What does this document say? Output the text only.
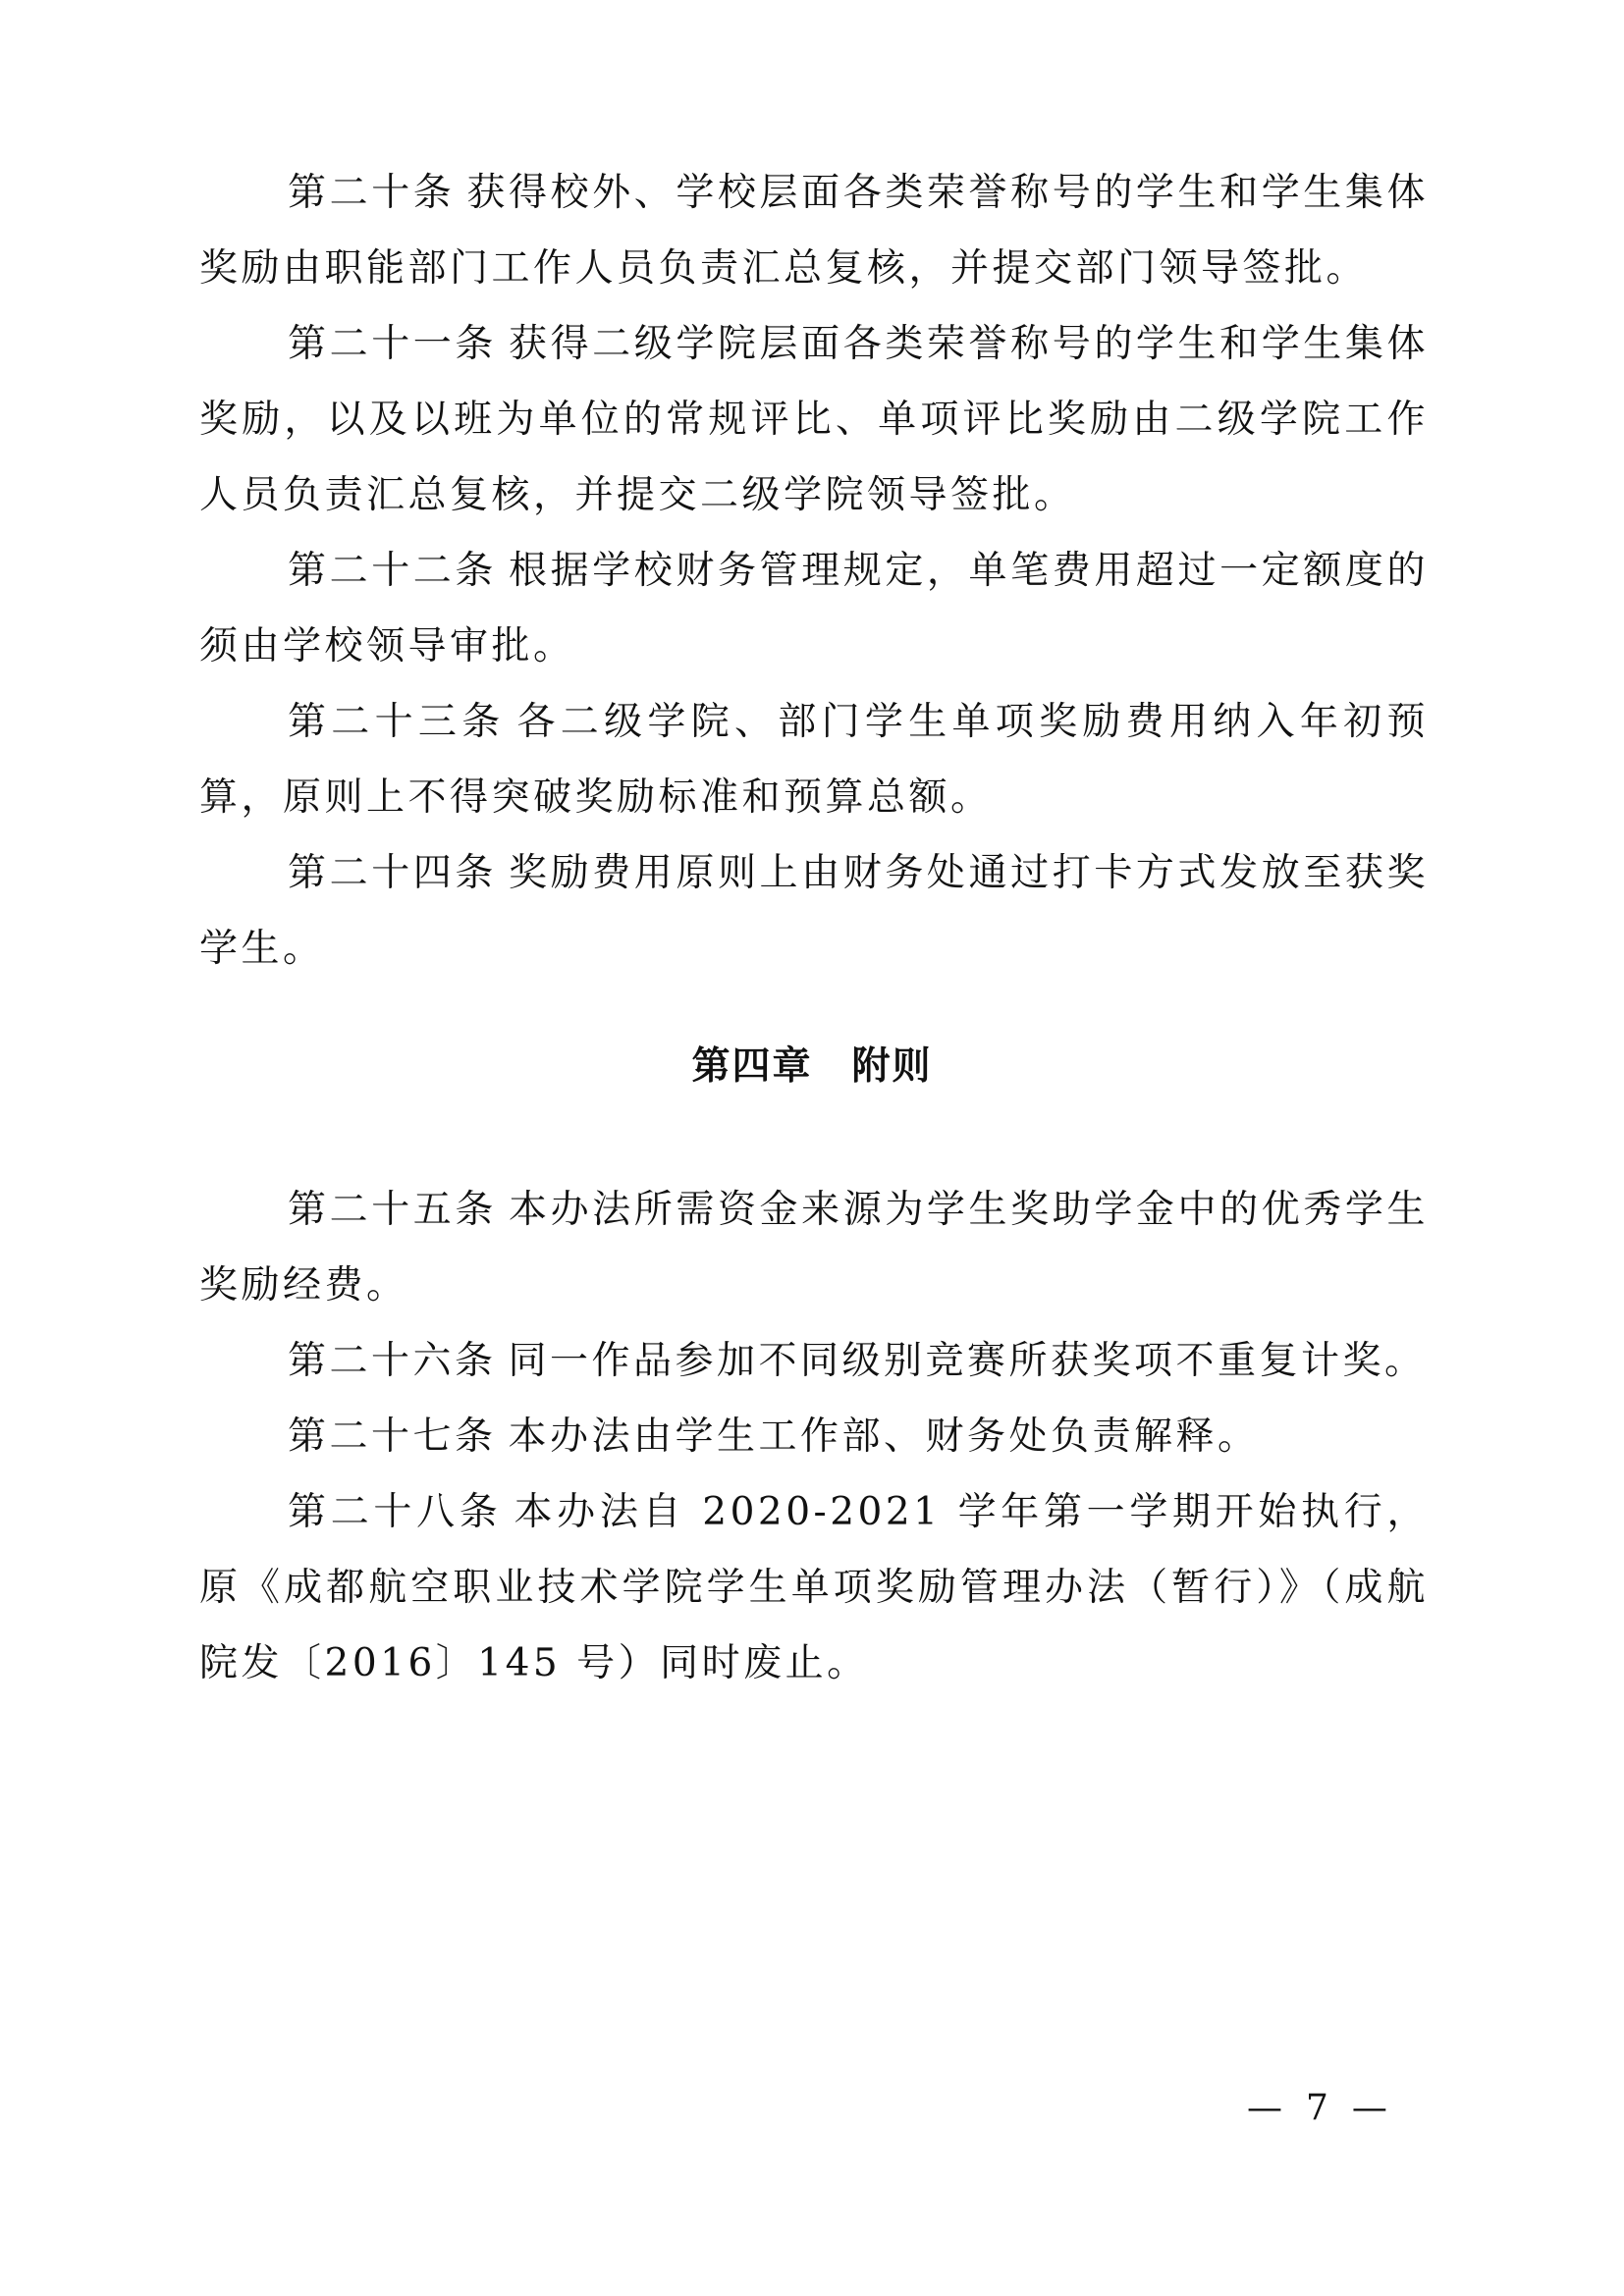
第二十条 获得校外、学校层面各类荣誉称号的学生和学生集体奖励由职能部门工作人员负责汇总复核，并提交部门领导签批。

第二十一条 获得二级学院层面各类荣誉称号的学生和学生集体奖励，以及以班为单位的常规评比、单项评比奖励由二级学院工作人员负责汇总复核，并提交二级学院领导签批。

第二十二条 根据学校财务管理规定，单笔费用超过一定额度的须由学校领导审批。

第二十三条 各二级学院、部门学生单项奖励费用纳入年初预算，原则上不得突破奖励标准和预算总额。

第二十四条 奖励费用原则上由财务处通过打卡方式发放至获奖学生。

第四章 附则

第二十五条 本办法所需资金来源为学生奖助学金中的优秀学生奖励经费。

第二十六条 同一作品参加不同级别竞赛所获奖项不重复计奖。

第二十七条 本办法由学生工作部、财务处负责解释。

第二十八条 本办法自 2020-2021 学年第一学期开始执行，原《成都航空职业技术学院学生单项奖励管理办法（暂行）》（成航院发〔2016〕145 号）同时废止。

— 7 —
